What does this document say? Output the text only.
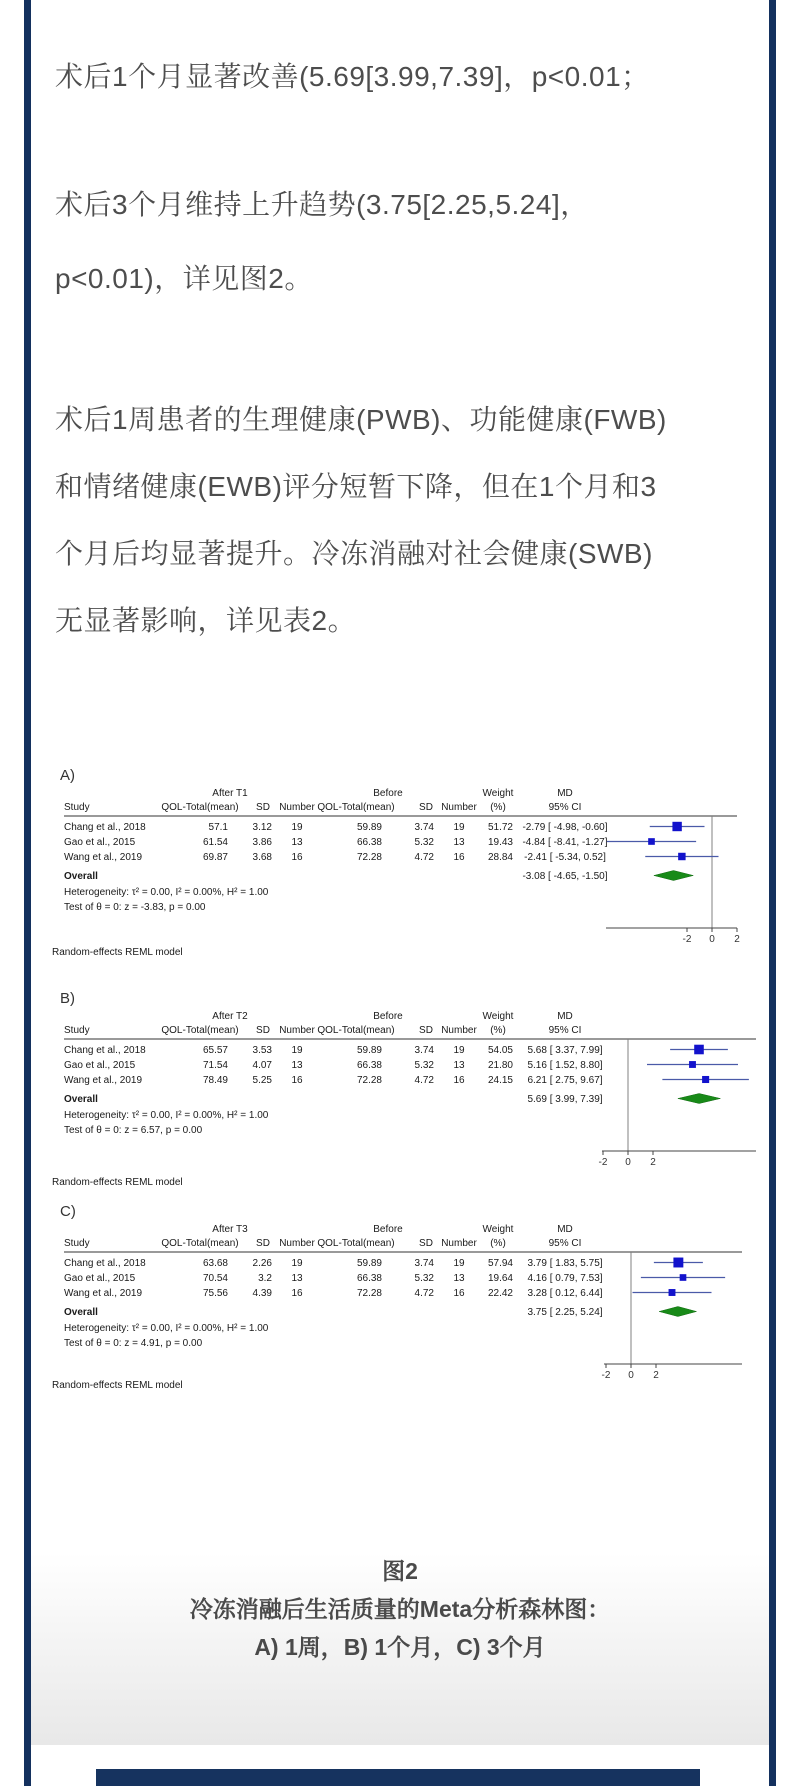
术后1个月显著改善(5.69[3.99,7.39]，p<0.01；
术后3个月维持上升趋势(3.75[2.25,5.24]，
p<0.01)，详见图2。
术后1周患者的生理健康(PWB)、功能健康(FWB)
和情绪健康(EWB)评分短暂下降，但在1个月和3
个月后均显著提升。冷冻消融对社会健康(SWB)
无显著影响，详见表2。
A)
After T1	Before	Weight	MD
Study	QOL-Total(mean) SD Number QOL-Total(mean) SD Number (%)	95% CI
Chang et al., 2018	57.1 3.12 19	59.89	3.74 19 51.72 -2.79 [ -4.98, -0.60]
Gao et al., 2015	61.54 3.86 13	66.38	5.32 13 19.43 -4.84 [ -8.41, -1.27]
Wang et al., 2019	69.87 3.68 16	72.28	4.72 16 28.84 -2.41 [ -5.34, 0.52]
Overall	-3.08 [ -4.65, -1.50]
Heterogeneity: τ² = 0.00, I² = 0.00%, H² = 1.00
Test of θ = 0: z = -3.83, p = 0.00
-2 0 2
Random-effects REML model
B)
After T2	Before	Weight	MD
Study	QOL-Total(mean) SD Number QOL-Total(mean) SD Number (%)	95% CI
Chang et al., 2018	65.57 3.53 19	59.89	3.74 19 54.05 5.68 [ 3.37, 7.99]
Gao et al., 2015	71.54 4.07 13	66.38	5.32 13 21.80 5.16 [ 1.52, 8.80]
Wang et al., 2019	78.49 5.25 16	72.28	4.72 16 24.15 6.21 [ 2.75, 9.67]
Overall	5.69 [ 3.99, 7.39]
Heterogeneity: τ² = 0.00, I² = 0.00%, H² = 1.00
Test of θ = 0: z = 6.57, p = 0.00
-2 0 2
Random-effects REML model
C)
After T3	Before	Weight	MD
Study	QOL-Total(mean) SD Number QOL-Total(mean) SD Number (%)	95% CI
Chang et al., 2018	63.68 2.26 19	59.89	3.74 19 57.94 3.79 [ 1.83, 5.75]
Gao et al., 2015	70.54	3.2 13	66.38	5.32 13 19.64 4.16 [ 0.79, 7.53]
Wang et al., 2019	75.56 4.39 16	72.28	4.72 16 22.42 3.28 [ 0.12, 6.44]
Overall	3.75 [ 2.25, 5.24]
Heterogeneity: τ² = 0.00, I² = 0.00%, H² = 1.00
Test of θ = 0: z = 4.91, p = 0.00
-2 0 2
Random-effects REML model
图2
冷冻消融后生活质量的Meta分析森林图：
A) 1周，B) 1个月，C) 3个月
